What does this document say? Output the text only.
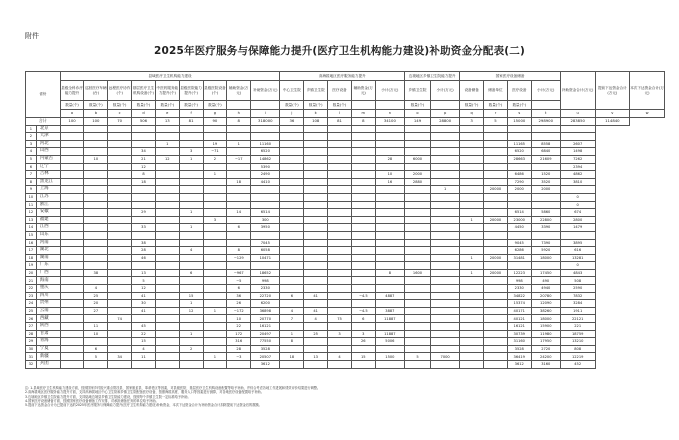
附件
2025年医疗服务与保障能力提升(医疗卫生机构能力建设)补助资金分配表(二)
省份		县域医疗卫生机构能力建设									高海拔地区医疗服务能力提升					边境地区乡镇卫生院能力提升		国家医疗设备储备				补助资金合计(万元)	提前下达资金合计(万元)	本次下达资金合计(万元)
		县级全科诊疗能力提升	巡回医疗车辆(台)	远程医疗协作(个)	基层医疗卫生机构设备(个)	中医药服务能力提升(个)	县级医院能力提升(个)	县级医院设备(个)	辅助资金(万元)	补助资金(万元)	中心卫生院	乡镇卫生院	医疗设备	辅助资金(万元)	小计(万元)	乡镇卫生院	小计(万元)	设备储备	储备单位	医疗设备	小计(万元)			
		数量(个)	数量(个)	数量(个)	数量(个)	数量(个)	数量(个)	数量(个)			数量(个)	数量(个)	数量(个)			数量(个)		数量(个)	数量(个)	数量(个)				
		a	b	c	d	e	f	g	h	i	j	k	l	m	n	o	p	q	r	s	t	u	v	w
合计		100	100	70	506	13	81	90	8	318000	36	108	81	8	34100	149	28800	3	5	15000	298900	283850	114840	
1	北京																							
2	天津																							
3	河北					1		19	1	11160										11165	8558	2607		
4	山西				34		3	−71		6520										6520	6840	1498		
5	内蒙古		10		21	12	1	2	−17	14862					28	6000				28663	21609	7262		
6	辽宁				12					5390												2394		
7	吉林				8			1		2490					10	2000				6486	1520	4862		
8	黑龙江				18				18	4410					16	2880				7290	3520	3810		
9	上海																1		20000	2000	2000			
10	江苏																					0		
11	浙江																					0		
12	安徽				29		1		14	6514										6514	5860	674		
13	福建							3		300								1	20000	23000	22800	2800		
14	江西				33		1		6	3950										4450	3390	1479		
15	山东																							
16	河南				38					7045										9045	7390	3895		
17	湖北				28		4		8	6058										6286	5920	616		
18	湖南				46				−129	10471								1	20000	31481	18000	13281		
19	广东																					0		
20	广西		38		13		6		−967	18652					8	1600		1	20000	12223	17450	4843		
21	海南				5				−5	998										998	490	508		
22	重庆		4		12				6	2330										2330	4940	2590		
23	四川		25		41		15		36	22720	6	41		−4.5	4887					34822	20780	7832		
24	贵州		20		30		1		26	6200										15374	12090	3284		
25	云南		27		41		12	1	−172	36898	4	41		−4.5	3887					40171	38260	1911		
26	西藏			74					10	20770	7	4	75	6	11887					40121	18000	22121		
27	陕西		11		45				22	16121										16121	15900	221		
28	甘肃		10		22		1		172	20497	1	25	3	3	11887					30739	11980	18759		
29	青海				15				316	77550	8			26	5006					31160	17950	13210		
30	宁夏		6		4		2		28	3528										3528	2720	808		
31	新疆		5	34	11			1	−3	20507	18	13	4	15	1500	5	7000			36419	24200	12219		
32	兵团									3612										3612	3160	452		
注: 1.县域医疗卫生机构能力建设方面，按照国家乡村振兴重点帮扶县、国家脱贫县、革命老区等因素，对县级医院、基层医疗卫生机构设备配置等给予补助，并综合考虑各地工作进展和绩效评价结果进行调整。
2.高海拔地区医疗服务能力提升方面，支持高海拔地区中心卫生院和乡镇卫生院配备医疗设备，按照海拔高度、服务人口等因素进行测算，对各地医疗设备配置给予补助。
3.边境地区乡镇卫生院能力提升方面，支持陆地边境县乡镇卫生院能力建设，按照每个乡镇卫生院一定标准给予补助。
4.国家医疗设备储备方面，按照国家医疗设备储备工作安排，对承担储备任务的单位给予补助。
5.提前下达资金合计为已提前下达的2025年医疗服务与保障能力提升(医疗卫生机构能力建设)补助资金，本次下达资金合计为补助资金合计扣除提前下达资金后的数额。
